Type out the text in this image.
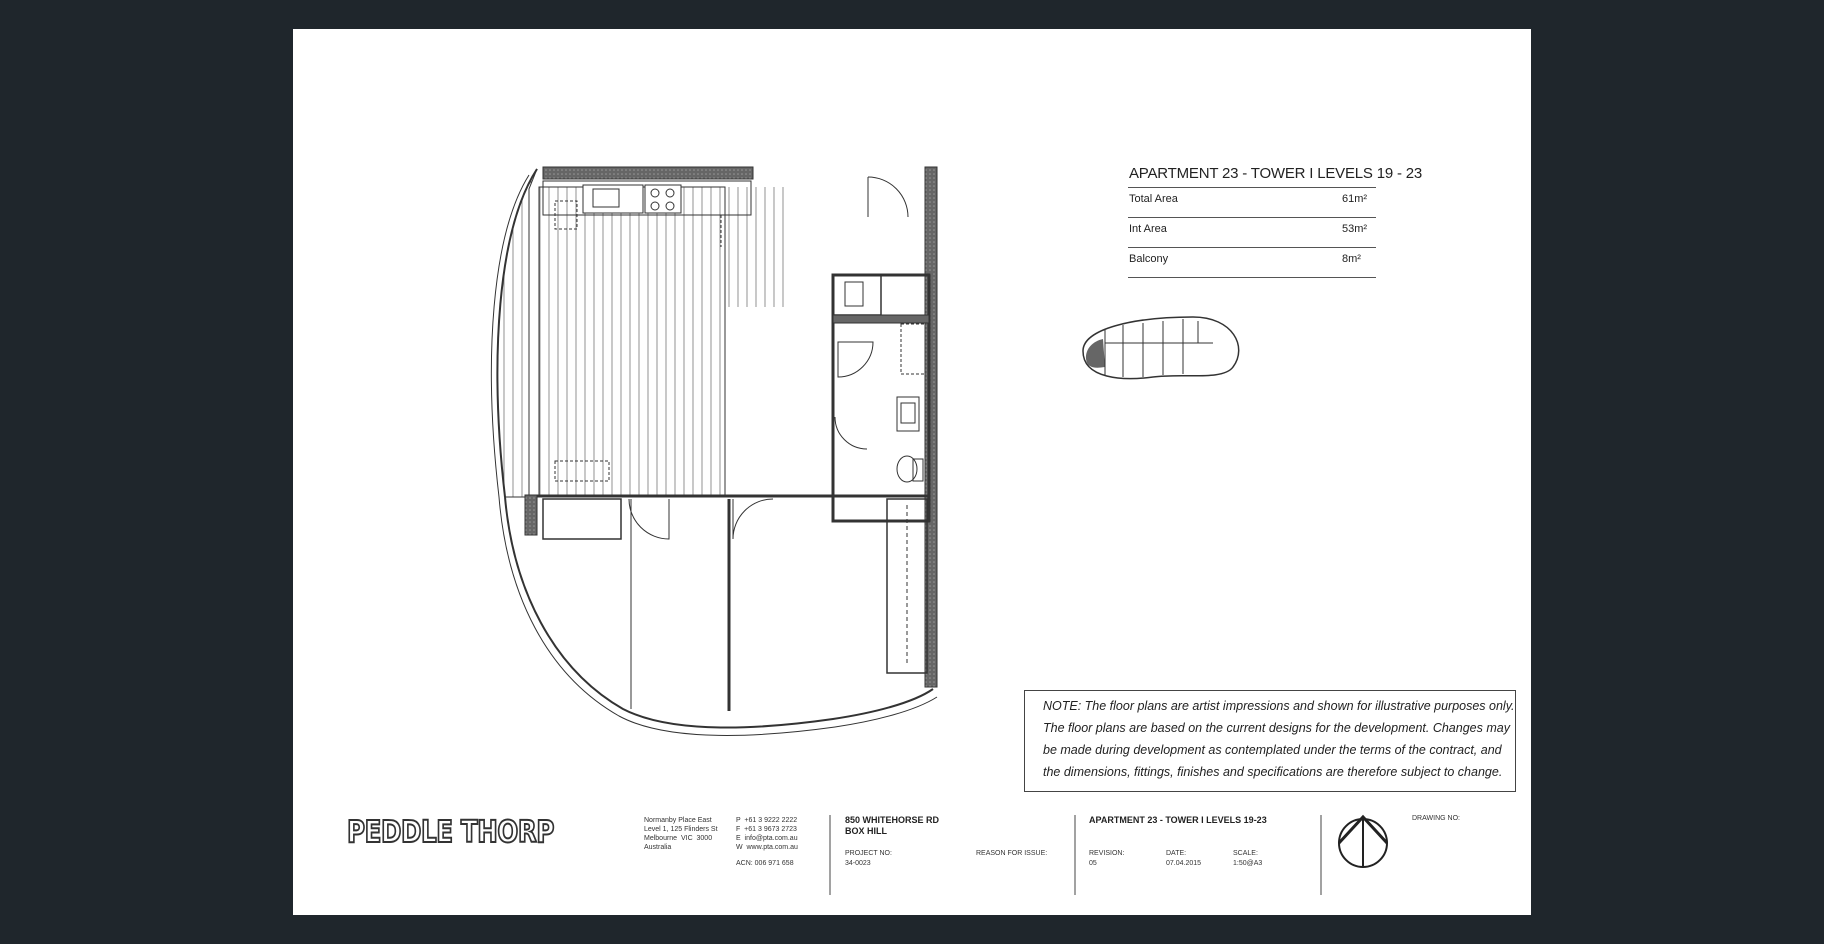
APARTMENT 23 - TOWER I LEVELS 19 - 23
Total Area	61m²
Int Area	53m²
Balcony	8m²
NOTE: The floor plans are artist impressions and shown for illustrative purposes only. The floor plans are based on the current designs for the development. Changes may be made during development as contemplated under the terms of the contract, and the dimensions, fittings, finishes and specifications are therefore subject to change.
PEDDLE THORP	Normanby Place East
Level 1, 125 Flinders St
Melbourne  VIC  3000
Australia
P  +61 3 9222 2222
F  +61 3 9673 2723
E  info@pta.com.au
W  www.pta.com.au
ACN: 006 971 658
850 WHITEHORSE RD
BOX HILL
PROJECT NO:
34-0023
REASON FOR ISSUE:
APARTMENT 23 - TOWER I LEVELS 19-23
REVISION:
05
DATE:
07.04.2015
SCALE:
1:50@A3
DRAWING NO:
